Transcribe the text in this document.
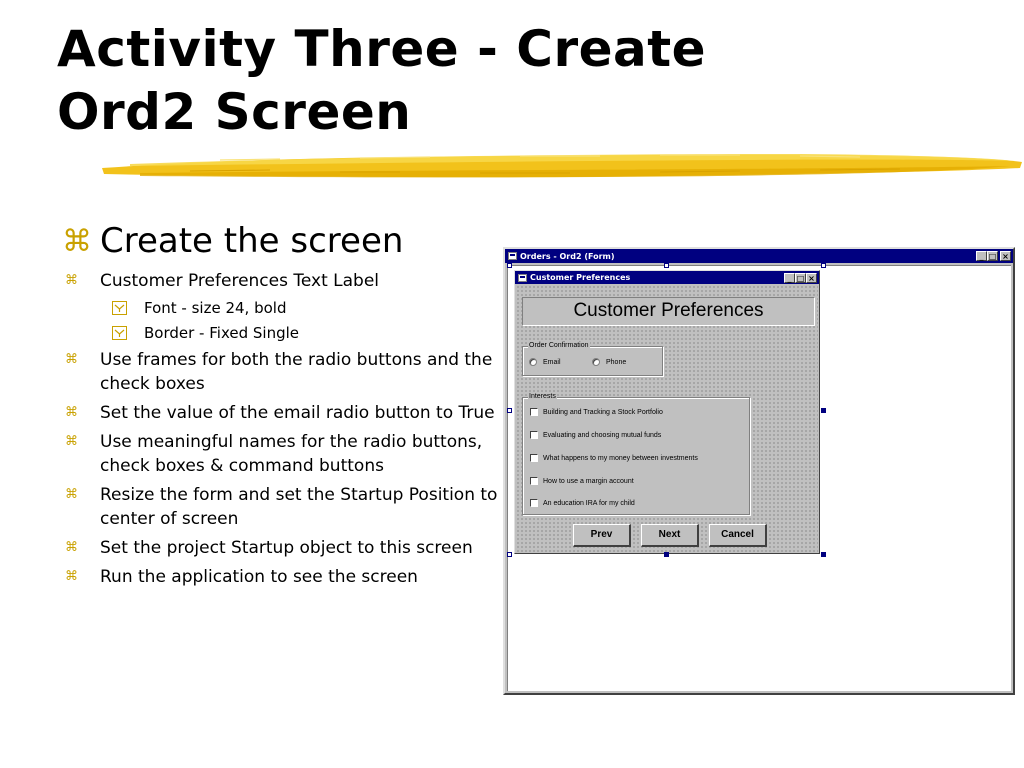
Activity Three - Create
Ord2 Screen
⌘ Create the screen
⌘ Customer Preferences Text Label
Font - size 24, bold
Border - Fixed Single
⌘ Use frames for both the radio buttons and the check boxes
⌘ Set the value of the email radio button to True
⌘ Use meaningful names for the radio buttons, check boxes & command buttons
⌘ Resize the form and set the Startup Position to center of screen
⌘ Set the project Startup object to this screen
⌘ Run the application to see the screen
Orders - Ord2 (Form)	_ □ ×
Customer Preferences	_ □ ×
Customer Preferences
Order Confirmation
Email	Phone
Interests
Building and Tracking a Stock Portfolio
Evaluating and choosing mutual funds
What happens to my money between investments
How to use a margin account
An education IRA for my child
Prev	Next	Cancel
